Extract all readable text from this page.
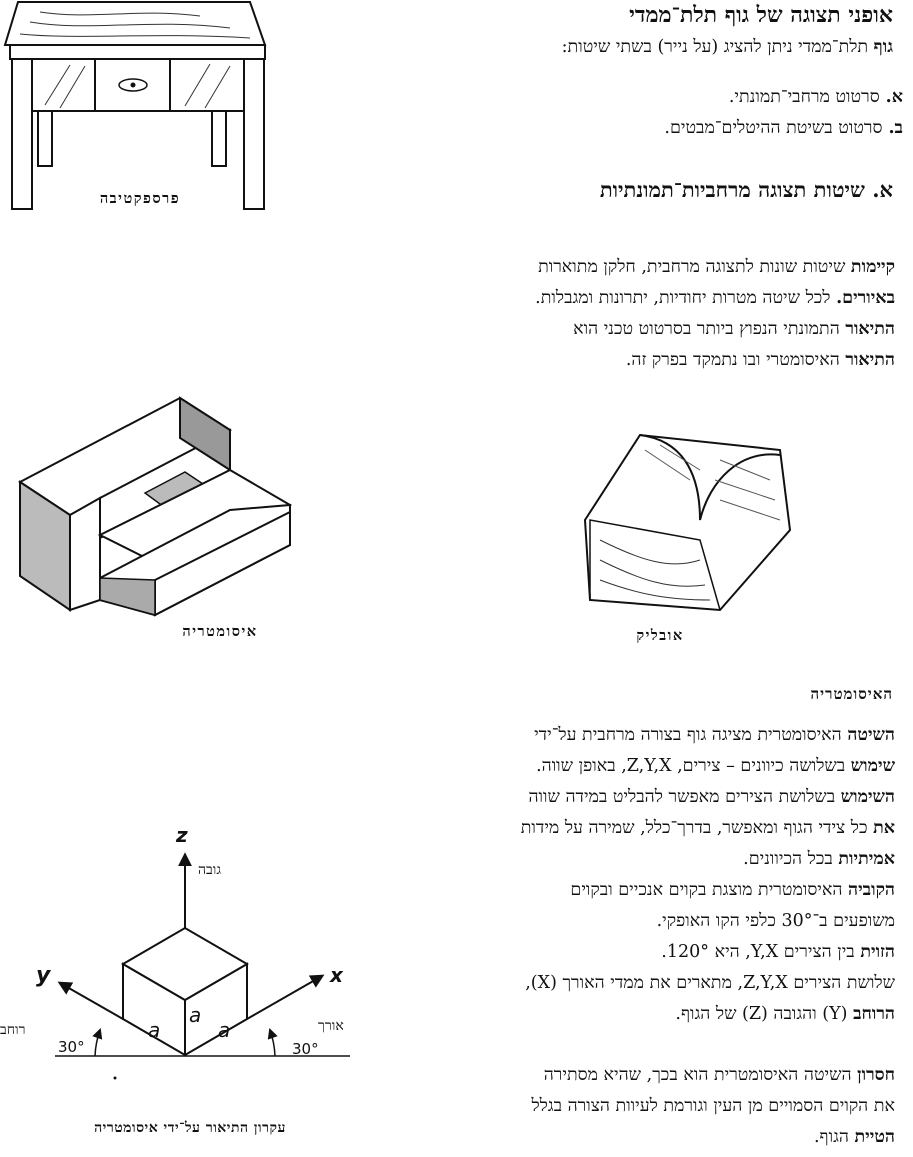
אופני תצוגה של גוף תלת־ממדי
גוף תלת־ממדי ניתן להציג (על נייר) בשתי שיטות:
א.סרטוט מרחבי־תמונתי.
ב.סרטוט בשיטת ההיטלים־מבטים.
א. שיטות תצוגה מרחביות־תמונתיות
קיימות שיטות שונות לתצוגה מרחבית, חלקן מתוארות
באיורים. לכל שיטה מטרות יחודיות, יתרונות ומגבלות.
התיאור התמונתי הנפוץ ביותר בסרטוט טכני הוא
התיאור האיסומטרי ובו נתמקד בפרק זה.
פרספקטיבה
איסומטריה	אובליק
האיסומטריה
השיטה האיסומטרית מציגה גוף בצורה מרחבית על־ידי
שימוש בשלושה כיוונים – צירים, Z,Y,X, באופן שווה.
השימוש בשלושת הצירים מאפשר להבליט במידה שווה
את כל צידי הגוף ומאפשר, בדרך־כלל, שמירה על מידות
אמיתיות בכל הכיוונים.
הקוביה האיסומטרית מוצגת בקוים אנכיים ובקוים
משופעים ב־30° כלפי הקו האופקי.
הזוית בין הצירים Y,X, היא 120°.
שלושת הצירים Z,Y,X, מתארים את ממדי האורך (X),
הרוחב (Y) והגובה (Z) של הגוף.
חסרון השיטה האיסומטרית הוא בכך, שהיא מסתירה
את הקוים הסמויים מן העין וגורמת לעיוות הצורה בגלל
הטיית הגוף.
z
y	x
גובה
רוחב	אורך
30°	30°
a
a
a
עקרון התיאור על־ידי איסומטריה
